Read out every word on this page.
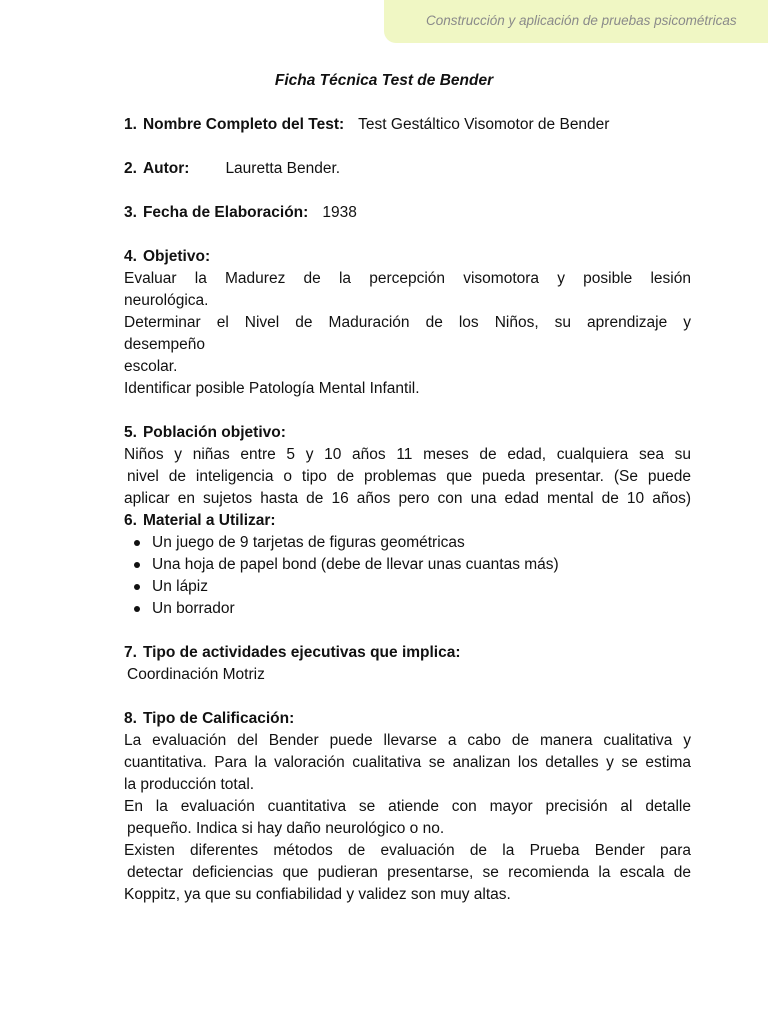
Construcción y aplicación de pruebas psicométricas
Ficha Técnica Test de Bender
1. Nombre Completo del Test: Test Gestáltico Visomotor de Bender
2. Autor: Lauretta Bender.
3. Fecha de Elaboración: 1938
4. Objetivo:
Evaluar la Madurez de la percepción visomotora y posible lesión
neurológica.
Determinar el Nivel de Maduración de los Niños, su aprendizaje y
desempeño
escolar.
Identificar posible Patología Mental Infantil.
5. Población objetivo:
Niños y niñas entre 5 y 10 años 11 meses de edad, cualquiera sea su
nivel de inteligencia o tipo de problemas que pueda presentar. (Se puede
aplicar en sujetos hasta de 16 años pero con una edad mental de 10 años)
6. Material a Utilizar:
Un juego de 9 tarjetas de figuras geométricas
Una hoja de papel bond (debe de llevar unas cuantas más)
Un lápiz
Un borrador
7. Tipo de actividades ejecutivas que implica:
Coordinación Motriz
8. Tipo de Calificación:
La evaluación del Bender puede llevarse a cabo de manera cualitativa y
cuantitativa. Para la valoración cualitativa se analizan los detalles y se estima
la producción total.
En la evaluación cuantitativa se atiende con mayor precisión al detalle
pequeño. Indica si hay daño neurológico o no.
Existen diferentes métodos de evaluación de la Prueba Bender para
detectar deficiencias que pudieran presentarse, se recomienda la escala de
Koppitz, ya que su confiabilidad y validez son muy altas.
